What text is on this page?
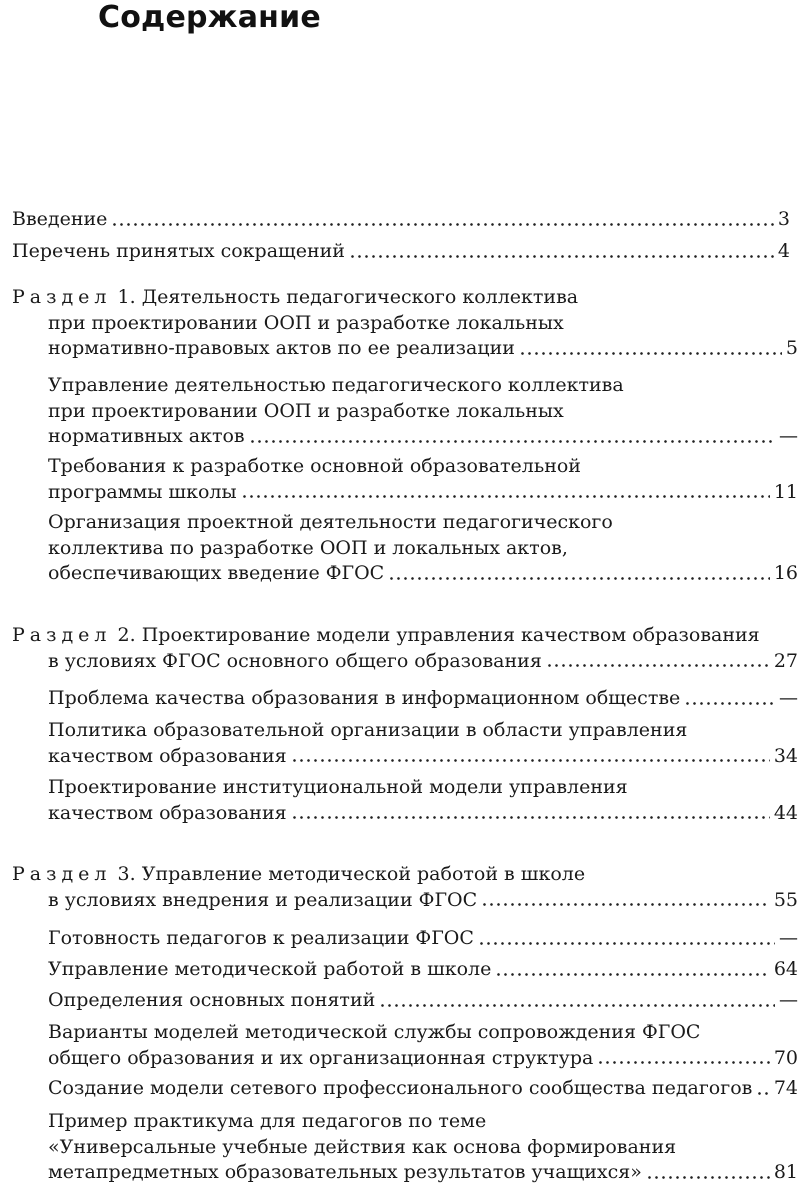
Содержание
Введение	3
Перечень принятых сокращений	4
Раздел 1. Деятельность педагогического коллектива
при проектировании ООП и разработке локальных
нормативно-правовых актов по ее реализации	5
Управление деятельностью педагогического коллектива
при проектировании ООП и разработке локальных
нормативных актов	—
Требования к разработке основной образовательной
программы школы	11
Организация проектной деятельности педагогического
коллектива по разработке ООП и локальных актов,
обеспечивающих введение ФГОС	16
Раздел 2. Проектирование модели управления качеством образования
в условиях ФГОС основного общего образования	27
Проблема качества образования в информационном обществе	—
Политика образовательной организации в области управления
качеством образования	34
Проектирование институциональной модели управления
качеством образования	44
Раздел 3. Управление методической работой в школе
в условиях внедрения и реализации ФГОС	55
Готовность педагогов к реализации ФГОС	—
Управление методической работой в школе	64
Определения основных понятий	—
Варианты моделей методической службы сопровождения ФГОС
общего образования и их организационная структура	70
Создание модели сетевого профессионального сообщества педагогов 74
Пример практикума для педагогов по теме
«Универсальные учебные действия как основа формирования
метапредметных образовательных результатов учащихся»	81
